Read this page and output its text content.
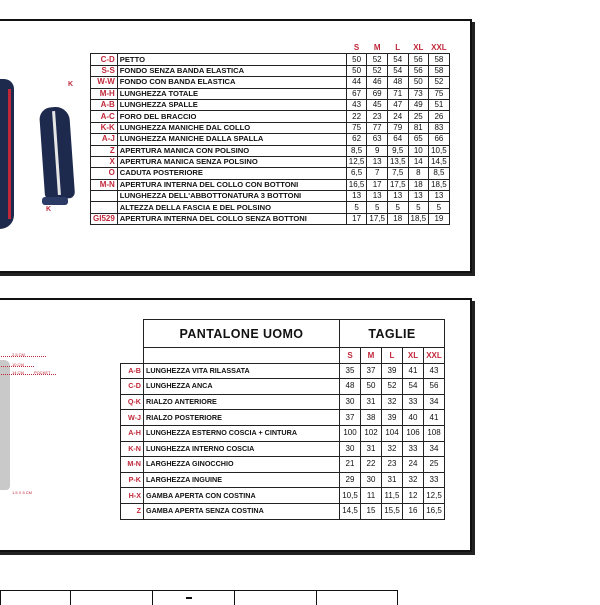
K
K
		S	M	L	XL	XXL
C-D	PETTO	50	52	54	56	58
S-S	FONDO SENZA BANDA ELASTICA	50	52	54	56	58
W-W	FONDO CON BANDA ELASTICA	44	46	48	50	52
M-H	LUNGHEZZA TOTALE	67	69	71	73	75
A-B	LUNGHEZZA SPALLE	43	45	47	49	51
A-C	FORO DEL BRACCIO	22	23	24	25	26
K-K	LUNGHEZZA MANICHE DAL COLLO	75	77	79	81	83
A-J	LUNGHEZZA MANICHE DALLA SPALLA	62	63	64	65	66
Z	APERTURA MANICA CON POLSINO	8,5	9	9,5	10	10,5
X	APERTURA MANICA SENZA POLSINO	12,5	13	13,5	14	14,5
O	CADUTA POSTERIORE	6,5	7	7,5	8	8,5
M-N	APERTURA INTERNA DEL COLLO CON BOTTONI	16,5	17	17,5	18	18,5
	LUNGHEZZA DELL'ABBOTTONATURA 3 BOTTONI	13	13	13	13	13
	ALTEZZA DELLA FASCIA E DEL POLSINO	5	5	5	5	5
GI529	APERTURA INTERNA DEL COLLO SENZA BOTTONI	17	17,5	18	18,5	19
2.5 CM
10 CM
14 CM	POCKET
1.5 X 5 CM
	PANTALONE UOMO	TAGLIE				
		S	M	L	XL	XXL
A-B	LUNGHEZZA VITA RILASSATA	35	37	39	41	43
C-D	LUNGHEZZA ANCA	48	50	52	54	56
Q-K	RIALZO ANTERIORE	30	31	32	33	34
W-J	RIALZO POSTERIORE	37	38	39	40	41
A-H	LUNGHEZZA ESTERNO COSCIA + CINTURA	100	102	104	106	108
K-N	LUNGHEZZA INTERNO COSCIA	30	31	32	33	34
M-N	LARGHEZZA GINOCCHIO	21	22	23	24	25
P-K	LARGHEZZA INGUINE	29	30	31	32	33
H-X	GAMBA APERTA CON COSTINA	10,5	11	11,5	12	12,5
Z	GAMBA APERTA SENZA COSTINA	14,5	15	15,5	16	16,5
